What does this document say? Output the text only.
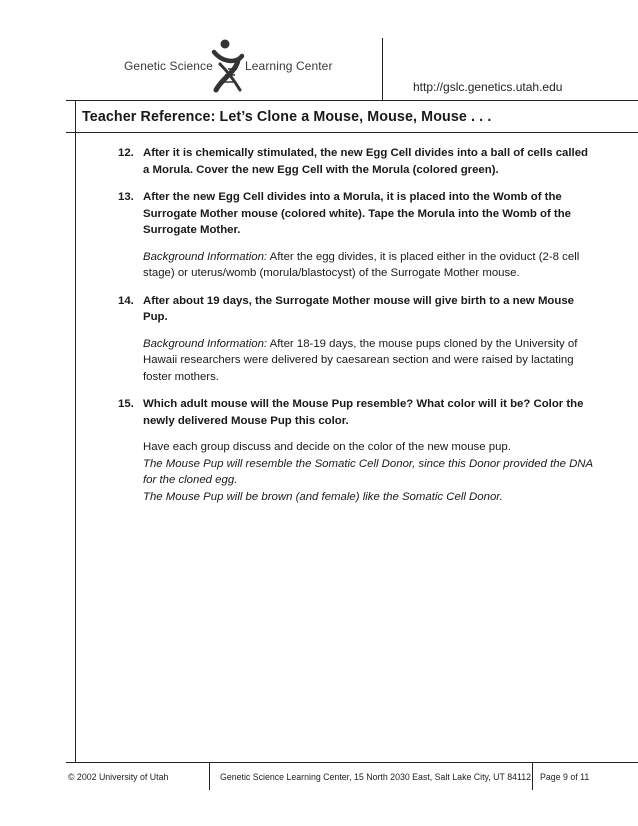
Genetic Science	Learning Center
http://gslc.genetics.utah.edu
Teacher Reference: Let’s Clone a Mouse, Mouse, Mouse . . .
12. After it is chemically stimulated, the new Egg Cell divides into a ball of cells called a Morula. Cover the new Egg Cell with the Morula (colored green).
13. After the new Egg Cell divides into a Morula, it is placed into the Womb of the Surrogate Mother mouse (colored white). Tape the Morula into the Womb of the Surrogate Mother.
Background Information: After the egg divides, it is placed either in the oviduct (2-8 cell stage) or uterus/womb (morula/blastocyst) of the Surrogate Mother mouse.
14. After about 19 days, the Surrogate Mother mouse will give birth to a new Mouse Pup.
Background Information: After 18-19 days, the mouse pups cloned by the University of Hawaii researchers were delivered by caesarean section and were raised by lactating foster mothers.
15. Which adult mouse will the Mouse Pup resemble? What color will it be? Color the newly delivered Mouse Pup this color.
Have each group discuss and decide on the color of the new mouse pup.
The Mouse Pup will resemble the Somatic Cell Donor, since this Donor provided the DNA for the cloned egg.
The Mouse Pup will be brown (and female) like the Somatic Cell Donor.
© 2002 University of Utah	Genetic Science Learning Center, 15 North 2030 East, Salt Lake City, UT 84112 Page 9 of 11
